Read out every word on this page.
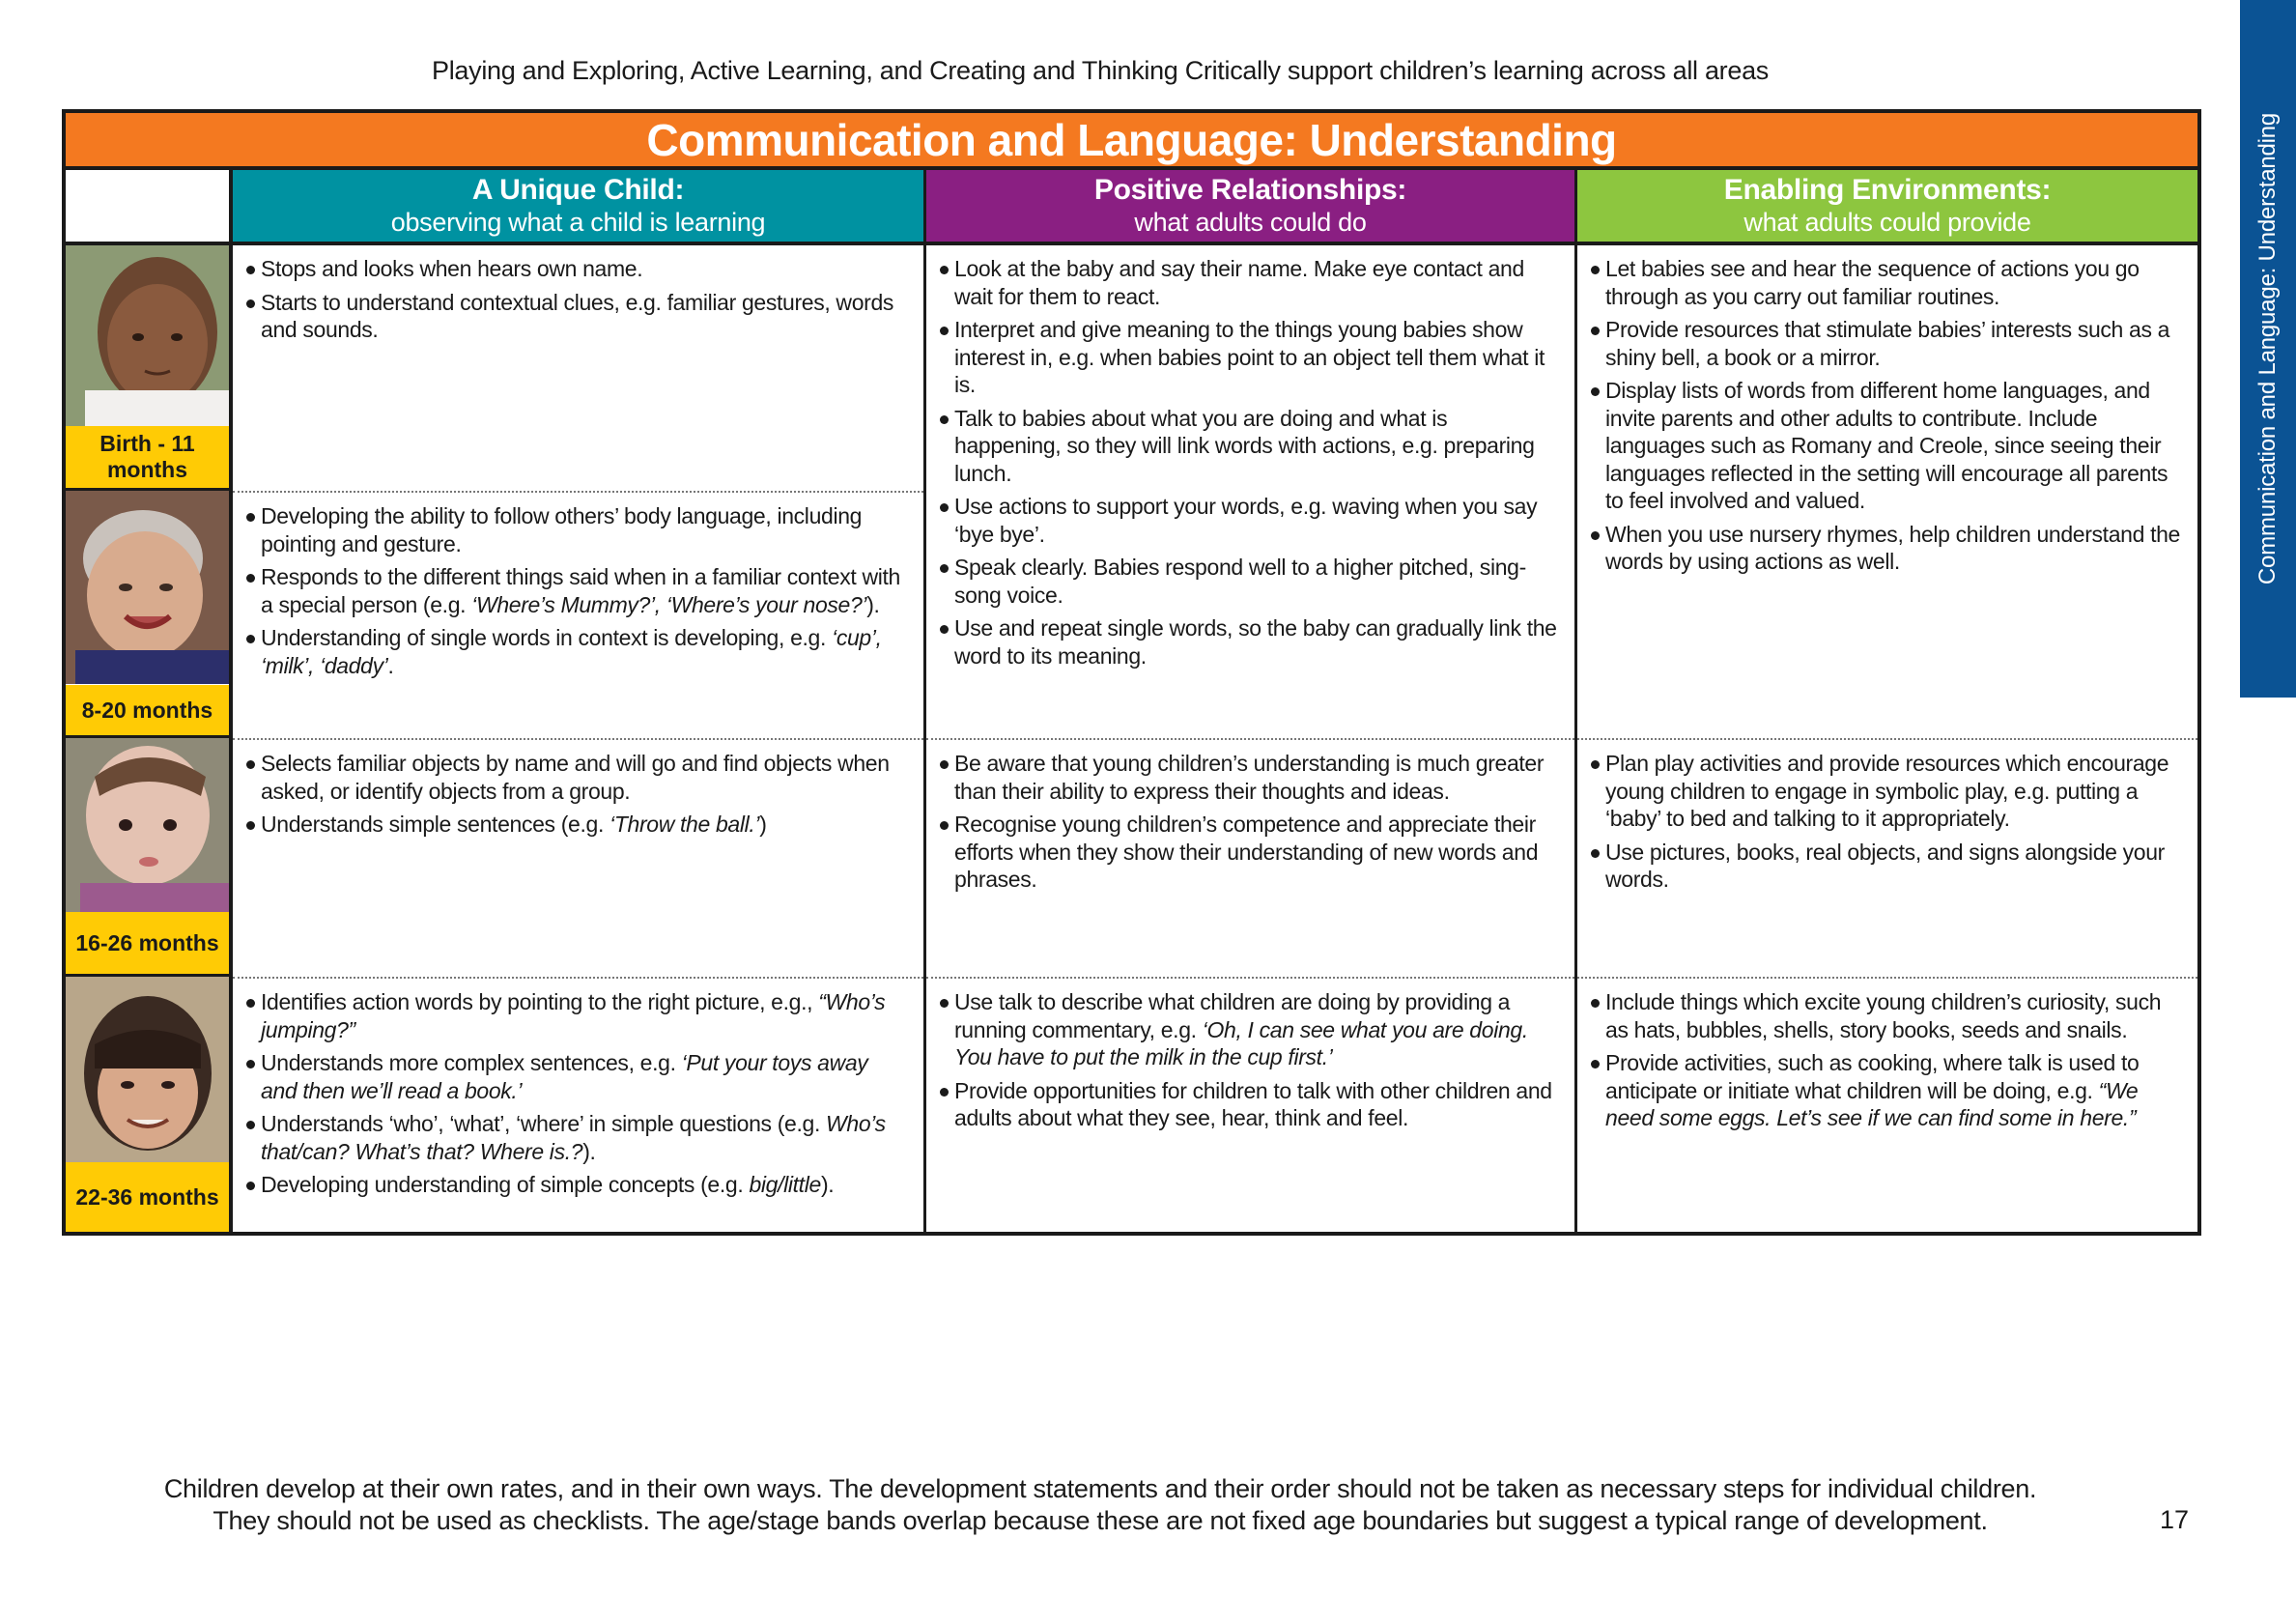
Playing and Exploring, Active Learning, and Creating and Thinking Critically support children’s learning across all areas
Communication and Language: Understanding
Communication and Language: Understanding
A Unique Child:
observing what a child is learning
Positive Relationships:
what adults could do
Enabling Environments:
what adults could provide
Birth - 11 months
8-20 months
16-26 months
22-36 months
Stops and looks when hears own name.
Starts to understand contextual clues, e.g. familiar gestures, words and sounds.
Developing the ability to follow others’ body language, including pointing and gesture.
Responds to the different things said when in a familiar context with a special person (e.g. ‘Where’s Mummy?’, ‘Where’s your nose?’).
Understanding of single words in context is developing, e.g. ‘cup’, ‘milk’, ‘daddy’.
Selects familiar objects by name and will go and find objects when asked, or identify objects from a group.
Understands simple sentences (e.g. ‘Throw the ball.’)
Identifies action words by pointing to the right picture, e.g., “Who’s jumping?”
Understands more complex sentences, e.g. ‘Put your toys away and then we’ll read a book.’
Understands ‘who’, ‘what’, ‘where’ in simple questions (e.g. Who’s that/can? What’s that? Where is.?).
Developing understanding of simple concepts (e.g. big/little).
Look at the baby and say their name. Make eye contact and wait for them to react.
Interpret and give meaning to the things young babies show interest in, e.g. when babies point to an object tell them what it is.
Talk to babies about what you are doing and what is happening, so they will link words with actions, e.g. preparing lunch.
Use actions to support your words, e.g. waving when you say ‘bye bye’.
Speak clearly. Babies respond well to a higher pitched, sing-song voice.
Use and repeat single words, so the baby can gradually link the word to its meaning.
Be aware that young children’s understanding is much greater than their ability to express their thoughts and ideas.
Recognise young children’s competence and appreciate their efforts when they show their understanding of new words and phrases.
Use talk to describe what children are doing by providing a running commentary, e.g. ‘Oh, I can see what you are doing. You have to put the milk in the cup first.’
Provide opportunities for children to talk with other children and adults about what they see, hear, think and feel.
Let babies see and hear the sequence of actions you go through as you carry out familiar routines.
Provide resources that stimulate babies’ interests such as a shiny bell, a book or a mirror.
Display lists of words from different home languages, and invite parents and other adults to contribute. Include languages such as Romany and Creole, since seeing their languages reflected in the setting will encourage all parents to feel involved and valued.
When you use nursery rhymes, help children understand the words by using actions as well.
Plan play activities and provide resources which encourage young children to engage in symbolic play, e.g. putting a ‘baby’ to bed and talking to it appropriately.
Use pictures, books, real objects, and signs alongside your words.
Include things which excite young children’s curiosity, such as hats, bubbles, shells, story books, seeds and snails.
Provide activities, such as cooking, where talk is used to anticipate or initiate what children will be doing, e.g. “We need some eggs. Let’s see if we can find some in here.”
Children develop at their own rates, and in their own ways. The development statements and their order should not be taken as necessary steps for individual children.
They should not be used as checklists. The age/stage bands overlap because these are not fixed age boundaries but suggest a typical range of development.	17
